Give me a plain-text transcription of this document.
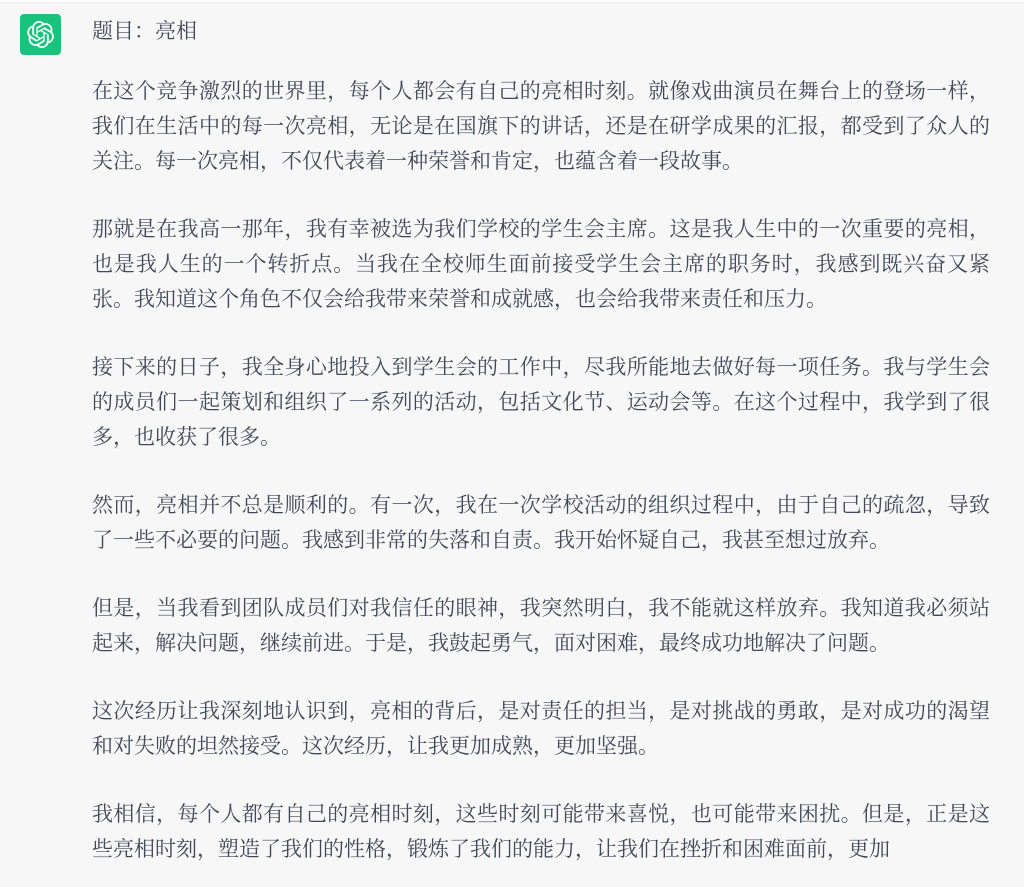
题目：亮相

在这个竞争激烈的世界里，每个人都会有自己的亮相时刻。就像戏曲演员在舞台上的登场一样，我们在生活中的每一次亮相，无论是在国旗下的讲话，还是在研学成果的汇报，都受到了众人的关注。每一次亮相，不仅代表着一种荣誉和肯定，也蕴含着一段故事。

那就是在我高一那年，我有幸被选为我们学校的学生会主席。这是我人生中的一次重要的亮相，也是我人生的一个转折点。当我在全校师生面前接受学生会主席的职务时，我感到既兴奋又紧张。我知道这个角色不仅会给我带来荣誉和成就感，也会给我带来责任和压力。

接下来的日子，我全身心地投入到学生会的工作中，尽我所能地去做好每一项任务。我与学生会的成员们一起策划和组织了一系列的活动，包括文化节、运动会等。在这个过程中，我学到了很多，也收获了很多。

然而，亮相并不总是顺利的。有一次，我在一次学校活动的组织过程中，由于自己的疏忽，导致了一些不必要的问题。我感到非常的失落和自责。我开始怀疑自己，我甚至想过放弃。

但是，当我看到团队成员们对我信任的眼神，我突然明白，我不能就这样放弃。我知道我必须站起来，解决问题，继续前进。于是，我鼓起勇气，面对困难，最终成功地解决了问题。

这次经历让我深刻地认识到，亮相的背后，是对责任的担当，是对挑战的勇敢，是对成功的渴望和对失败的坦然接受。这次经历，让我更加成熟，更加坚强。

我相信，每个人都有自己的亮相时刻，这些时刻可能带来喜悦，也可能带来困扰。但是，正是这些亮相时刻，塑造了我们的性格，锻炼了我们的能力，让我们在挫折和困难面前，更加
